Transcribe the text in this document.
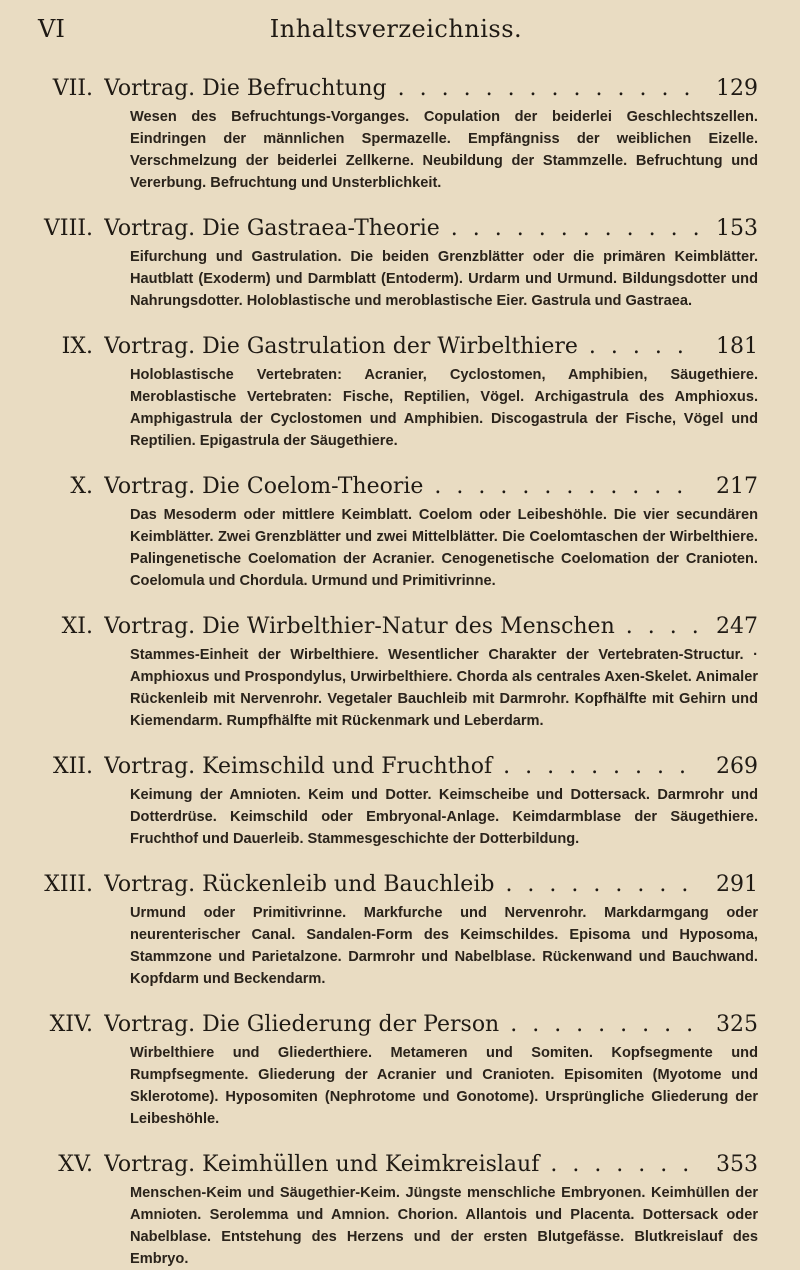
VI	Inhaltsverzeichniss.
VII. Vortrag. Die Befruchtung . . .	129

Wesen des Befruchtungs-Vorganges. Copulation der beiderlei Geschlechtszellen. Eindringen der männlichen Spermazelle. Empfängniss der weiblichen Eizelle. Verschmelzung der beiderlei Zellkerne. Neubildung der Stammzelle. Befruchtung und Vererbung. Befruchtung und Unsterblichkeit.

VIII. Vortrag. Die Gastraea-Theorie . . .	153

Eifurchung und Gastrulation. Die beiden Grenzblätter oder die primären Keimblätter. Hautblatt (Exoderm) und Darmblatt (Entoderm). Urdarm und Urmund. Bildungsdotter und Nahrungsdotter. Holoblastische und meroblastische Eier. Gastrula und Gastraea.

IX. Vortrag. Die Gastrulation der Wirbelthiere . . .	181

Holoblastische Vertebraten: Acranier, Cyclostomen, Amphibien, Säugethiere. Meroblastische Vertebraten: Fische, Reptilien, Vögel. Archigastrula des Amphioxus. Amphigastrula der Cyclostomen und Amphibien. Discogastrula der Fische, Vögel und Reptilien. Epigastrula der Säugethiere.

X. Vortrag. Die Coelom-Theorie . . .	217

Das Mesoderm oder mittlere Keimblatt. Coelom oder Leibeshöhle. Die vier secundären Keimblätter. Zwei Grenzblätter und zwei Mittelblätter. Die Coelomtaschen der Wirbelthiere. Palingenetische Coelomation der Acranier. Cenogenetische Coelomation der Cranioten. Coelomula und Chordula. Urmund und Primitivrinne.

XI. Vortrag. Die Wirbelthier-Natur des Menschen . . .	247

Stammes-Einheit der Wirbelthiere. Wesentlicher Charakter der Vertebraten-Structur. · Amphioxus und Prospondylus, Urwirbelthiere. Chorda als centrales Axen-Skelet. Animaler Rückenleib mit Nervenrohr. Vegetaler Bauchleib mit Darmrohr. Kopfhälfte mit Gehirn und Kiemendarm. Rumpfhälfte mit Rückenmark und Leberdarm.

XII. Vortrag. Keimschild und Fruchthof . . .	269

Keimung der Amnioten. Keim und Dotter. Keimscheibe und Dottersack. Darmrohr und Dotterdrüse. Keimschild oder Embryonal-Anlage. Keimdarmblase der Säugethiere. Fruchthof und Dauerleib. Stammesgeschichte der Dotterbildung.

XIII. Vortrag. Rückenleib und Bauchleib . . .	291

Urmund oder Primitivrinne. Markfurche und Nervenrohr. Markdarmgang oder neurenterischer Canal. Sandalen-Form des Keimschildes. Episoma und Hyposoma, Stammzone und Parietalzone. Darmrohr und Nabelblase. Rückenwand und Bauchwand. Kopfdarm und Beckendarm.

XIV. Vortrag. Die Gliederung der Person . . .	325

Wirbelthiere und Gliederthiere. Metameren und Somiten. Kopfsegmente und Rumpfsegmente. Gliederung der Acranier und Cranioten. Episomiten (Myotome und Sklerotome). Hyposomiten (Nephrotome und Gonotome). Ursprüngliche Gliederung der Leibeshöhle.

XV. Vortrag. Keimhüllen und Keimkreislauf . . .	353

Menschen-Keim und Säugethier-Keim. Jüngste menschliche Embryonen. Keimhüllen der Amnioten. Serolemma und Amnion. Chorion. Allantois und Placenta. Dottersack oder Nabelblase. Entstehung des Herzens und der ersten Blutgefässe. Blutkreislauf des Embryo.
